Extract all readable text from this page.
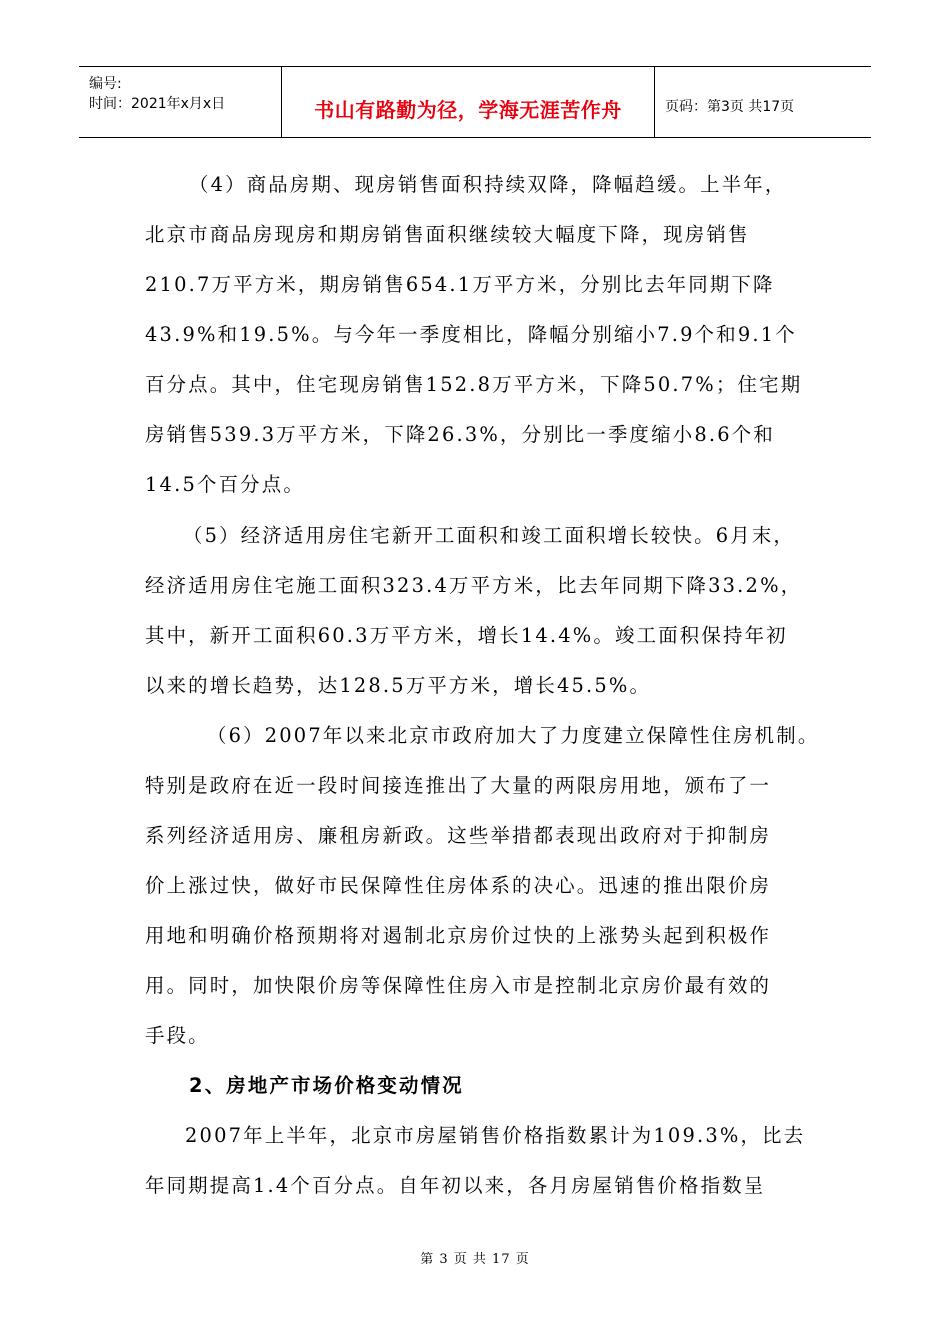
编号:
时间：2021年x月x日	书山有路勤为径，学海无涯苦作舟	页码：第3页 共17页
（4）商品房期、现房销售面积持续双降，降幅趋缓。上半年，
北京市商品房现房和期房销售面积继续较大幅度下降，现房销售
210.7万平方米，期房销售654.1万平方米，分别比去年同期下降
43.9%和19.5%。与今年一季度相比，降幅分别缩小7.9个和9.1个
百分点。其中，住宅现房销售152.8万平方米，下降50.7%；住宅期
房销售539.3万平方米，下降26.3%，分别比一季度缩小8.6个和
14.5个百分点。
（5）经济适用房住宅新开工面积和竣工面积增长较快。6月末，
经济适用房住宅施工面积323.4万平方米，比去年同期下降33.2%，
其中，新开工面积60.3万平方米，增长14.4%。竣工面积保持年初
以来的增长趋势，达128.5万平方米，增长45.5%。
（6）2007年以来北京市政府加大了力度建立保障性住房机制。
特别是政府在近一段时间接连推出了大量的两限房用地，颁布了一
系列经济适用房、廉租房新政。这些举措都表现出政府对于抑制房
价上涨过快，做好市民保障性住房体系的决心。迅速的推出限价房
用地和明确价格预期将对遏制北京房价过快的上涨势头起到积极作
用。同时，加快限价房等保障性住房入市是控制北京房价最有效的
手段。
2、房地产市场价格变动情况
2007年上半年，北京市房屋销售价格指数累计为109.3%，比去
年同期提高1.4个百分点。自年初以来，各月房屋销售价格指数呈
第 3 页 共 17 页
